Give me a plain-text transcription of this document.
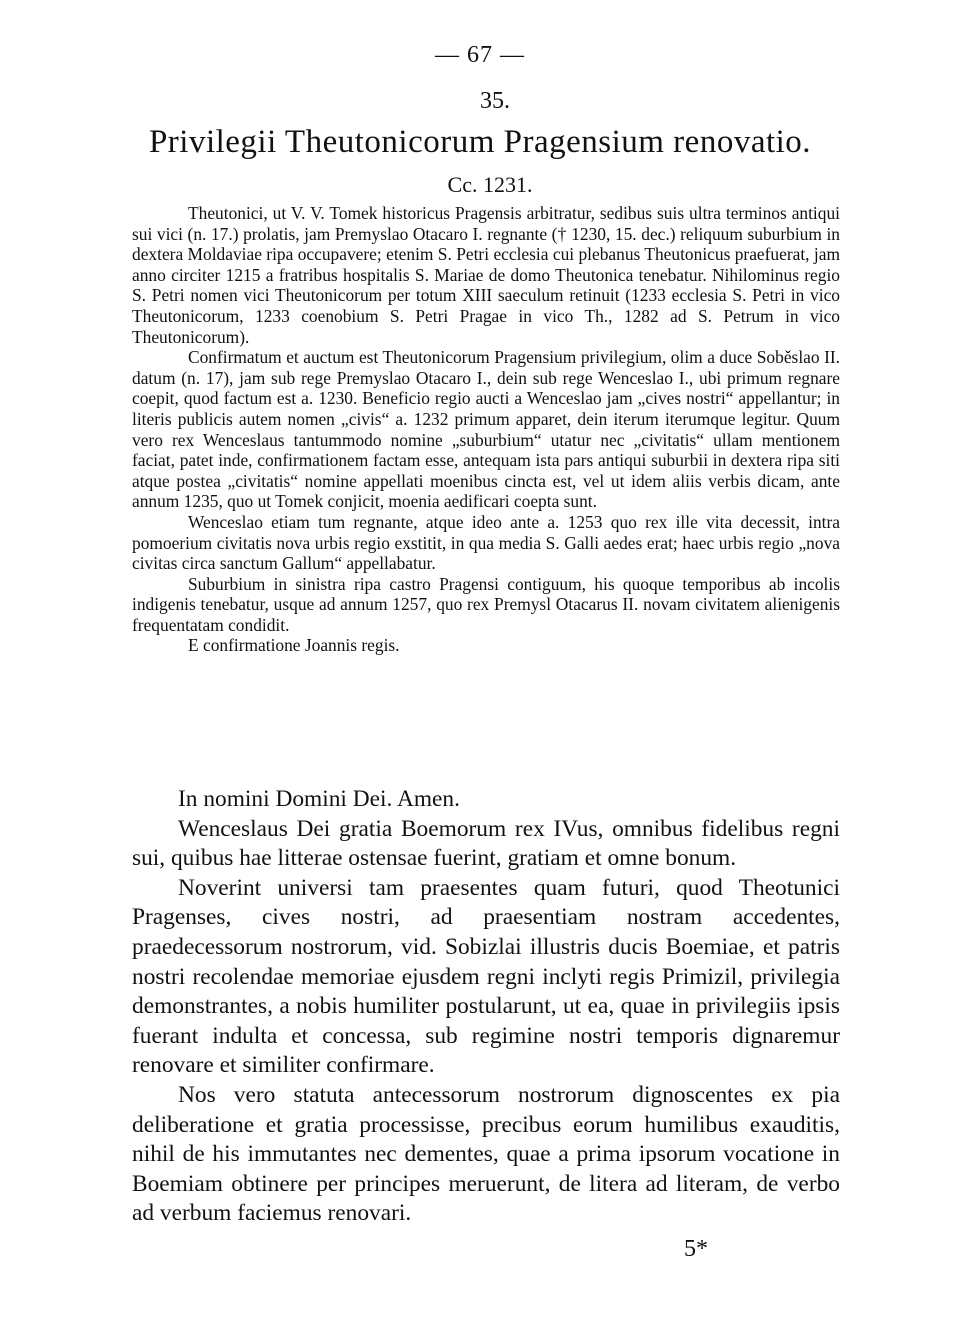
— 67 —
35.
Privilegii Theutonicorum Pragensium renovatio.
Cc. 1231.

Theutonici, ut V. V. Tomek historicus Pragensis arbitratur, sedibus suis ultra terminos antiqui sui vici (n. 17.) prolatis, jam Premyslao Otacaro I. regnante († 1230, 15. dec.) reliquum suburbium in dextera Moldaviae ripa occupavere; etenim S. Petri ecclesia cui plebanus Theutonicus praefuerat, jam anno circiter 1215 a fratribus hospitalis S. Mariae de domo Theutonica tenebatur. Nihilominus regio S. Petri nomen vici Theutonicorum per totum XIII saeculum retinuit (1233 ecclesia S. Petri in vico Theutonicorum, 1233 coenobium S. Petri Pragae in vico Th., 1282 ad S. Petrum in vico Theutonicorum).

Confirmatum et auctum est Theutonicorum Pragensium privilegium, olim a duce Soběslao II. datum (n. 17), jam sub rege Premyslao Otacaro I., dein sub rege Wenceslao I., ubi primum regnare coepit, quod factum est a. 1230. Beneficio regio aucti a Wenceslao jam „cives nostri“ appellantur; in literis publicis autem nomen „civis“ a. 1232 primum apparet, dein iterum iterumque legitur. Quum vero rex Wenceslaus tantummodo nomine „suburbium“ utatur nec „civitatis“ ullam mentionem faciat, patet inde, confirmationem factam esse, antequam ista pars antiqui suburbii in dextera ripa siti atque postea „civitatis“ nomine appellati moenibus cincta est, vel ut idem aliis verbis dicam, ante annum 1235, quo ut Tomek conjicit, moenia aedificari coepta sunt.

Wenceslao etiam tum regnante, atque ideo ante a. 1253 quo rex ille vita decessit, intra pomoerium civitatis nova urbis regio exstitit, in qua media S. Galli aedes erat; haec urbis regio „nova civitas circa sanctum Gallum“ appellabatur.

Suburbium in sinistra ripa castro Pragensi contiguum, his quoque temporibus ab incolis indigenis tenebatur, usque ad annum 1257, quo rex Premysl Otacarus II. novam civitatem alienigenis frequentatam condidit.

E confirmatione Joannis regis.

In nomini Domini Dei. Amen.

Wenceslaus Dei gratia Boemorum rex IVus, omnibus fidelibus regni sui, quibus hae litterae ostensae fuerint, gratiam et omne bonum.

Noverint universi tam praesentes quam futuri, quod Theotunici Pragenses, cives nostri, ad praesentiam nostram accedentes, praedecessorum nostrorum, vid. Sobizlai illustris ducis Boemiae, et patris nostri recolendae memoriae ejusdem regni inclyti regis Primizil, privilegia demonstrantes, a nobis humiliter postularunt, ut ea, quae in privilegiis ipsis fuerant indulta et concessa, sub regimine nostri temporis dignaremur renovare et similiter confirmare.

Nos vero statuta antecessorum nostrorum dignoscentes ex pia deliberatione et gratia processisse, precibus eorum humilibus exauditis, nihil de his immutantes nec dementes, quae a prima ipsorum vocatione in Boemiam obtinere per principes meruerunt, de litera ad literam, de verbo ad verbum faciemus renovari.

5*
